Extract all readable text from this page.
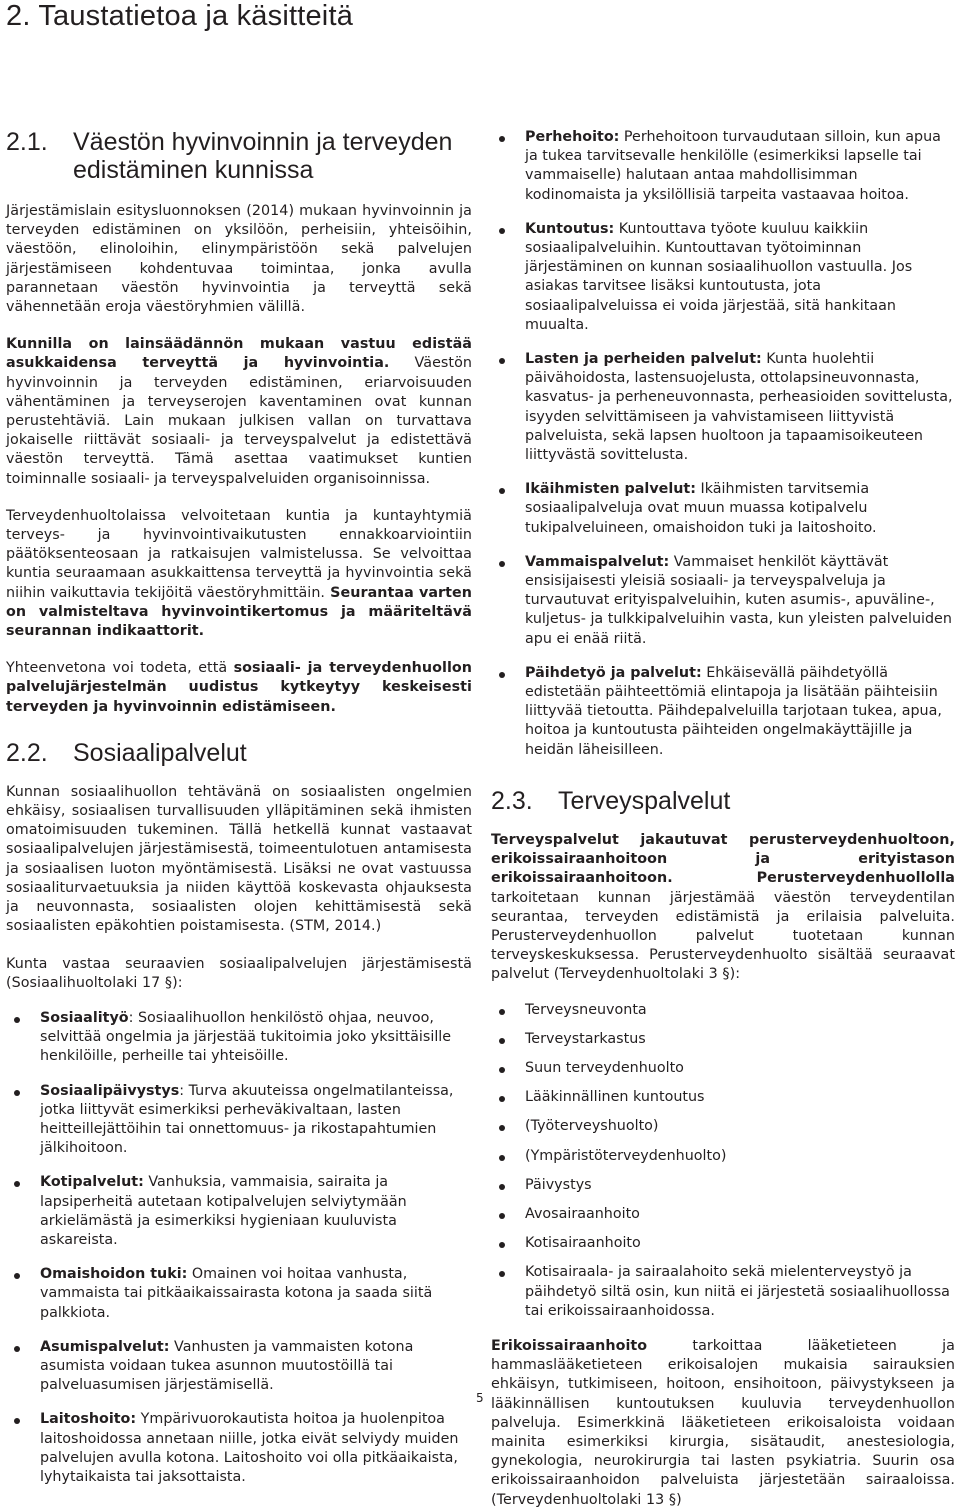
2. Taustatietoa ja käsitteitä
2.1.	Väestön hyvinvoinnin ja terveyden edistäminen kunnissa

Järjestämislain esitysluonnoksen (2014) mukaan hyvinvoinnin ja terveyden edistäminen on yksilöön, perheisiin, yhteisöihin, väestöön, elinoloihin, elinympäristöön sekä palvelujen järjestämiseen kohdentuvaa toimintaa, jonka avulla parannetaan väestön hyvinvointia ja terveyttä sekä vähennetään eroja väestöryhmien välillä.

Kunnilla on lainsäädännön mukaan vastuu edistää asukkaidensa terveyttä ja hyvinvointia. Väestön hyvinvoinnin ja terveyden edistäminen, eriarvoisuuden vähentäminen ja terveyserojen kaventaminen ovat kunnan perustehtäviä. Lain mukaan julkisen vallan on turvattava jokaiselle riittävät sosiaali- ja terveyspalvelut ja edistettävä väestön terveyttä. Tämä asettaa vaatimukset kuntien toiminnalle sosiaali- ja terveyspalveluiden organisoinnissa.

Terveydenhuoltolaissa velvoitetaan kuntia ja kuntayhtymiä terveys- ja hyvinvointivaikutusten ennakkoarviointiin päätöksenteosaan ja ratkaisujen valmistelussa. Se velvoittaa kuntia seuraamaan asukkaittensa terveyttä ja hyvinvointia sekä niihin vaikuttavia tekijöitä väestöryhmittäin. Seurantaa varten on valmisteltava hyvinvointikertomus ja määriteltävä seurannan indikaattorit.

Yhteenvetona voi todeta, että sosiaali- ja terveydenhuollon palvelujärjestelmän uudistus kytkeytyy keskeisesti terveyden ja hyvinvoinnin edistämiseen.

2.2.	Sosiaalipalvelut

Kunnan sosiaalihuollon tehtävänä on sosiaalisten ongelmien ehkäisy, sosiaalisen turvallisuuden ylläpitäminen sekä ihmisten omatoimisuuden tukeminen. Tällä hetkellä kunnat vastaavat sosiaalipalvelujen järjestämisestä, toimeentulotuen antamisesta ja sosiaalisen luoton myöntämisestä. Lisäksi ne ovat vastuussa sosiaaliturvaetuuksia ja niiden käyttöä koskevasta ohjauksesta ja neuvonnasta, sosiaalisten olojen kehittämisestä sekä sosiaalisten epäkohtien poistamisesta. (STM, 2014.)

Kunta vastaa seuraavien sosiaalipalvelujen järjestämisestä (Sosiaalihuoltolaki 17 §):

Sosiaalityö: Sosiaalihuollon henkilöstö ohjaa, neuvoo, selvittää ongelmia ja järjestää tukitoimia joko yksittäisille henkilöille, perheille tai yhteisöille.
Sosiaalipäivystys: Turva akuuteissa ongelmatilanteissa, jotka liittyvät esimerkiksi perheväkivaltaan, lasten heitteillejättöihin tai onnettomuus- ja rikostapahtumien jälkihoitoon.
Kotipalvelut: Vanhuksia, vammaisia, sairaita ja lapsiperheitä autetaan kotipalvelujen selviytymään arkielämästä ja esimerkiksi hygieniaan kuuluvista askareista.
Omaishoidon tuki: Omainen voi hoitaa vanhusta, vammaista tai pitkäaikaissairasta kotona ja saada siitä palkkiota.
Asumispalvelut: Vanhusten ja vammaisten kotona asumista voidaan tukea asunnon muutostöillä tai palveluasumisen järjestämisellä.
Laitoshoito: Ympärivuorokautista hoitoa ja huolenpitoa laitoshoidossa annetaan niille, jotka eivät selviydy muiden palvelujen avulla kotona. Laitoshoito voi olla pitkäaikaista, lyhytaikaista tai jaksottaista.
Perhehoito: Perhehoitoon turvaudutaan silloin, kun apua ja tukea tarvitsevalle henkilölle (esimerkiksi lapselle tai vammaiselle) halutaan antaa mahdollisimman kodinomaista ja yksilöllisiä tarpeita vastaavaa hoitoa.
Kuntoutus: Kuntouttava työote kuuluu kaikkiin sosiaalipalveluihin. Kuntouttavan työtoiminnan järjestäminen on kunnan sosiaalihuollon vastuulla. Jos asiakas tarvitsee lisäksi kuntoutusta, jota sosiaalipalveluissa ei voida järjestää, sitä hankitaan muualta.
Lasten ja perheiden palvelut: Kunta huolehtii päivähoidosta, lastensuojelusta, ottolapsineuvonnasta, kasvatus- ja perheneuvonnasta, perheasioiden sovittelusta, isyyden selvittämiseen ja vahvistamiseen liittyvistä palveluista, sekä lapsen huoltoon ja tapaamisoikeuteen liittyvästä sovittelusta.
Ikäihmisten palvelut: Ikäihmisten tarvitsemia sosiaalipalveluja ovat muun muassa kotipalvelu tukipalveluineen, omaishoidon tuki ja laitoshoito.
Vammaispalvelut: Vammaiset henkilöt käyttävät ensisijaisesti yleisiä sosiaali- ja terveyspalveluja ja turvautuvat erityispalveluihin, kuten asumis-, apuväline-, kuljetus- ja tulkkipalveluihin vasta, kun yleisten palveluiden apu ei enää riitä.
Päihdetyö ja palvelut: Ehkäisevällä päihdetyöllä edistetään päihteettömiä elintapoja ja lisätään päihteisiin liittyvää tietoutta. Päihdepalveluilla tarjotaan tukea, apua, hoitoa ja kuntoutusta päihteiden ongelmakäyttäjille ja heidän läheisilleen.
2.3.	Terveyspalvelut

Terveyspalvelut jakautuvat perusterveydenhuoltoon, erikoissairaanhoitoon ja erityistason erikoissairaanhoitoon. Perusterveydenhuollolla tarkoitetaan kunnan järjestämää väestön terveydentilan seurantaa, terveyden edistämistä ja erilaisia palveluita. Perusterveydenhuollon palvelut tuotetaan kunnan terveyskeskuksessa. Perusterveydenhuolto sisältää seuraavat palvelut (Terveydenhuoltolaki 3 §):

Terveysneuvonta
Terveystarkastus
Suun terveydenhuolto
Lääkinnällinen kuntoutus
(Työterveyshuolto)
(Ympäristöterveydenhuolto)
Päivystys
Avosairaanhoito
Kotisairaanhoito
Kotisairaala- ja sairaalahoito sekä mielenterveystyö ja päihdetyö siltä osin, kun niitä ei järjestetä sosiaalihuollossa tai erikoissairaanhoidossa.

Erikoissairaanhoito tarkoittaa lääketieteen ja hammaslääketieteen erikoisalojen mukaisia sairauksien ehkäisyn, tutkimiseen, hoitoon, ensihoitoon, päivystykseen ja lääkinnällisen kuntoutuksen kuuluvia terveydenhuollon palveluja. Esimerkkinä lääketieteen erikoisaloista voidaan mainita esimerkiksi kirurgia, sisätaudit, anestesiologia, gynekologia, neurokirurgia tai lasten psykiatria. Suurin osa erikoissairaanhoidon palveluista järjestetään sairaaloissa. (Terveydenhuoltolaki 13 §)

5
